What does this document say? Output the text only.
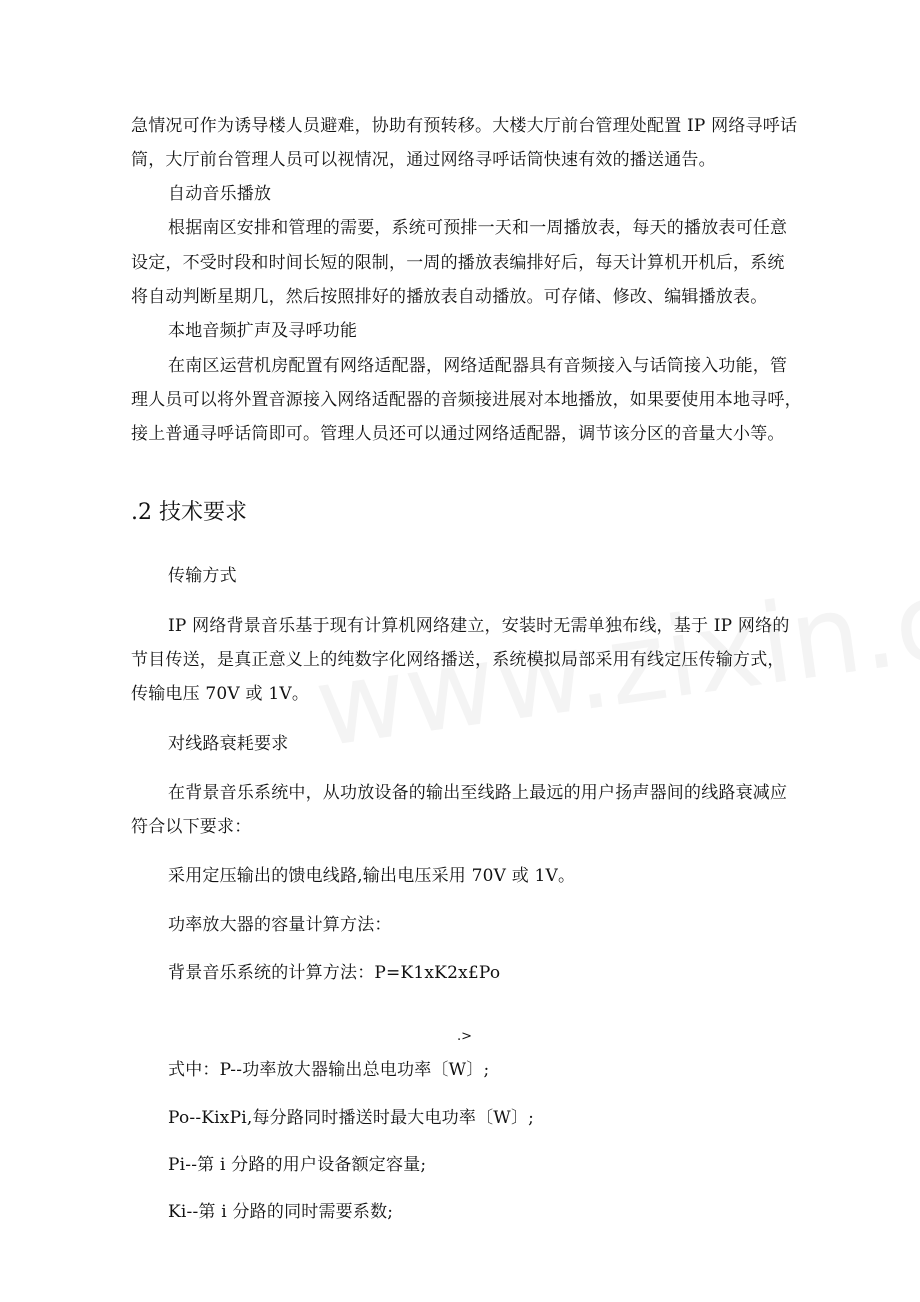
急情况可作为诱导楼人员避难，协助有预转移。大楼大厅前台管理处配置 IP 网络寻呼话
筒，大厅前台管理人员可以视情况，通过网络寻呼话筒快速有效的播送通告。
自动音乐播放
根据南区安排和管理的需要，系统可预排一天和一周播放表，每天的播放表可任意
设定，不受时段和时间长短的限制，一周的播放表编排好后，每天计算机开机后，系统
将自动判断星期几，然后按照排好的播放表自动播放。可存储、修改、编辑播放表。
本地音频扩声及寻呼功能
在南区运营机房配置有网络适配器，网络适配器具有音频接入与话筒接入功能，管
理人员可以将外置音源接入网络适配器的音频接进展对本地播放，如果要使用本地寻呼，
接上普通寻呼话筒即可。管理人员还可以通过网络适配器，调节该分区的音量大小等。
.2 技术要求
传输方式
IP 网络背景音乐基于现有计算机网络建立，安装时无需单独布线，基于 IP 网络的
节目传送，是真正意义上的纯数字化网络播送，系统模拟局部采用有线定压传输方式，
传输电压 70V 或 1V。
对线路衰耗要求
在背景音乐系统中，从功放设备的输出至线路上最远的用户扬声器间的线路衰减应
符合以下要求：
采用定压输出的馈电线路,输出电压采用 70V 或 1V。
功率放大器的容量计算方法：
背景音乐系统的计算方法：P=K1xK2x£Po
.>
式中：P--功率放大器输出总电功率〔W〕;
Po--KixPi,每分路同时播送时最大电功率〔W〕;
Pi--第 i 分路的用户设备额定容量;
Ki--第 i 分路的同时需要系数;
